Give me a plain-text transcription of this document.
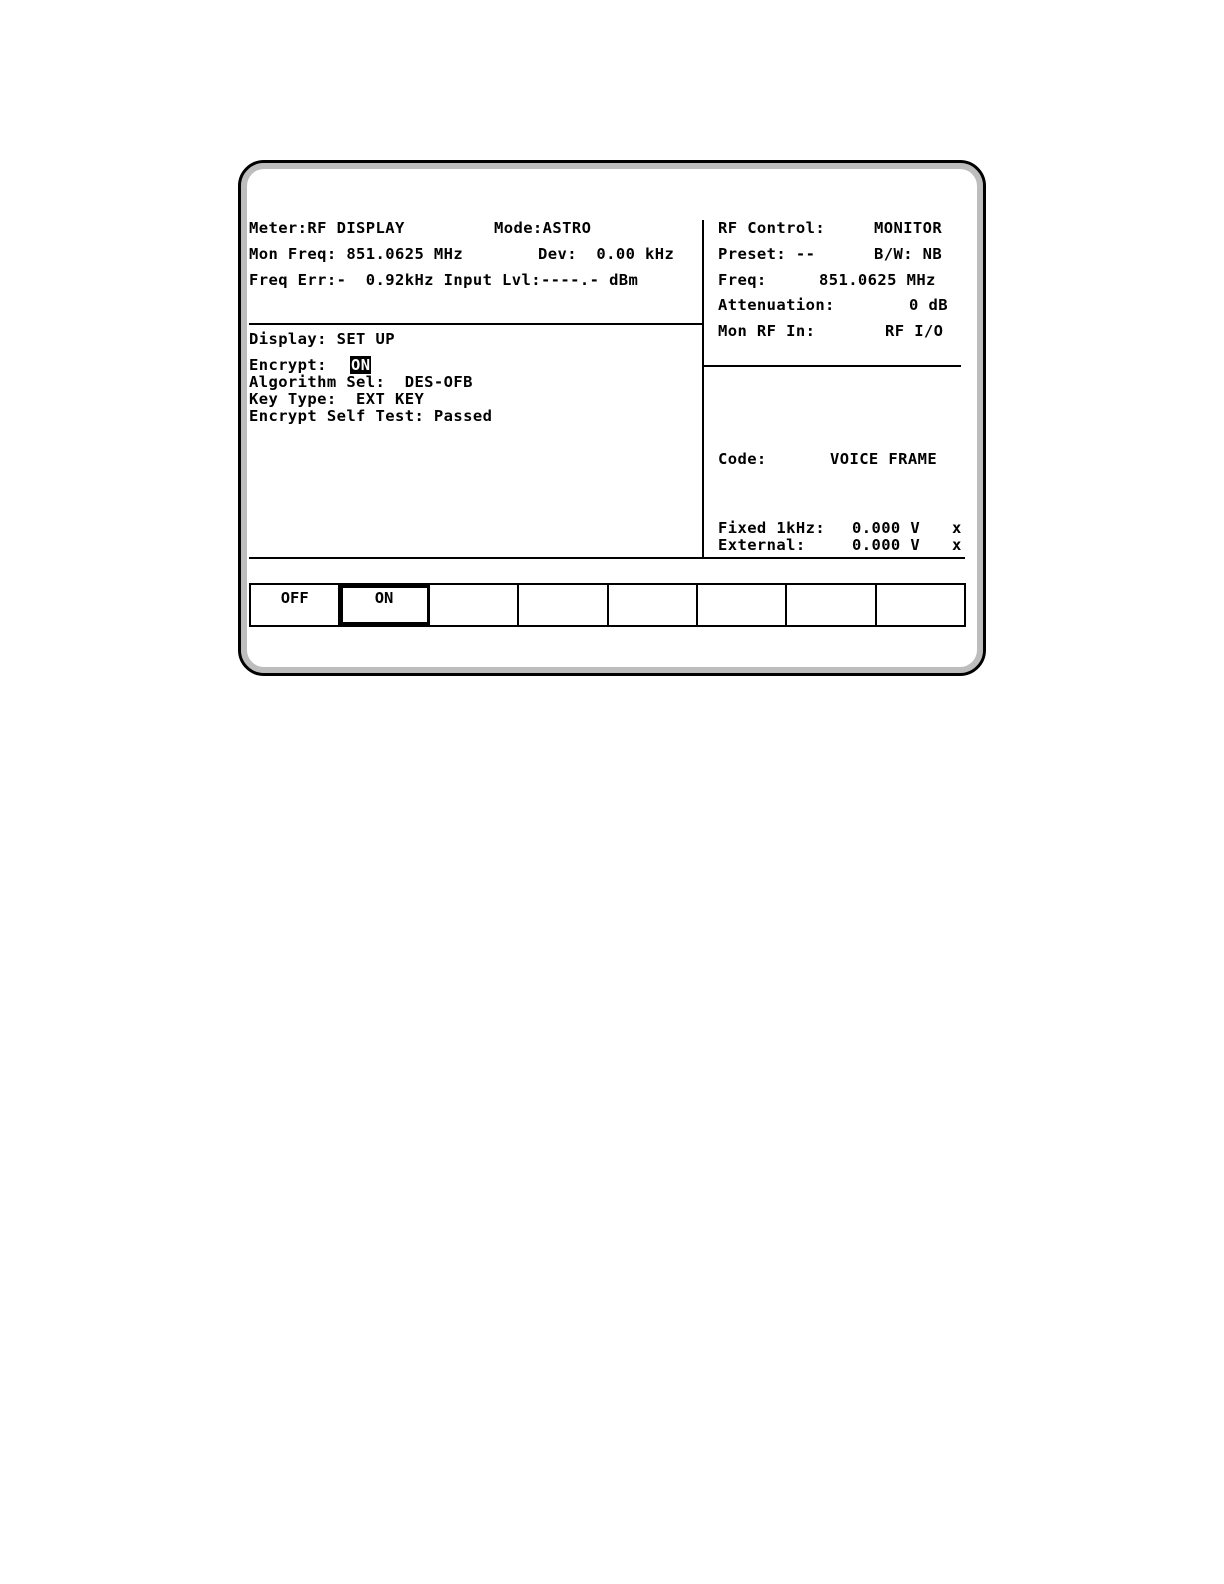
Meter:RF DISPLAY	Mode:ASTRO
Mon Freq: 851.0625 MHz	Dev:  0.00 kHz
Freq Err:-  0.92kHz Input Lvl:----.- dBm
RF Control:	MONITOR
Preset: --	B/W: NB
Freq:	851.0625 MHz
Attenuation:	0 dB
Mon RF In:	RF I/O
Display: SET UP
Encrypt: ON
Algorithm Sel:  DES-OFB
Key Type:  EXT KEY
Encrypt Self Test: Passed
Code:	VOICE FRAME
Fixed 1kHz: 0.000 V x
External:	0.000 V x
OFF	ON
